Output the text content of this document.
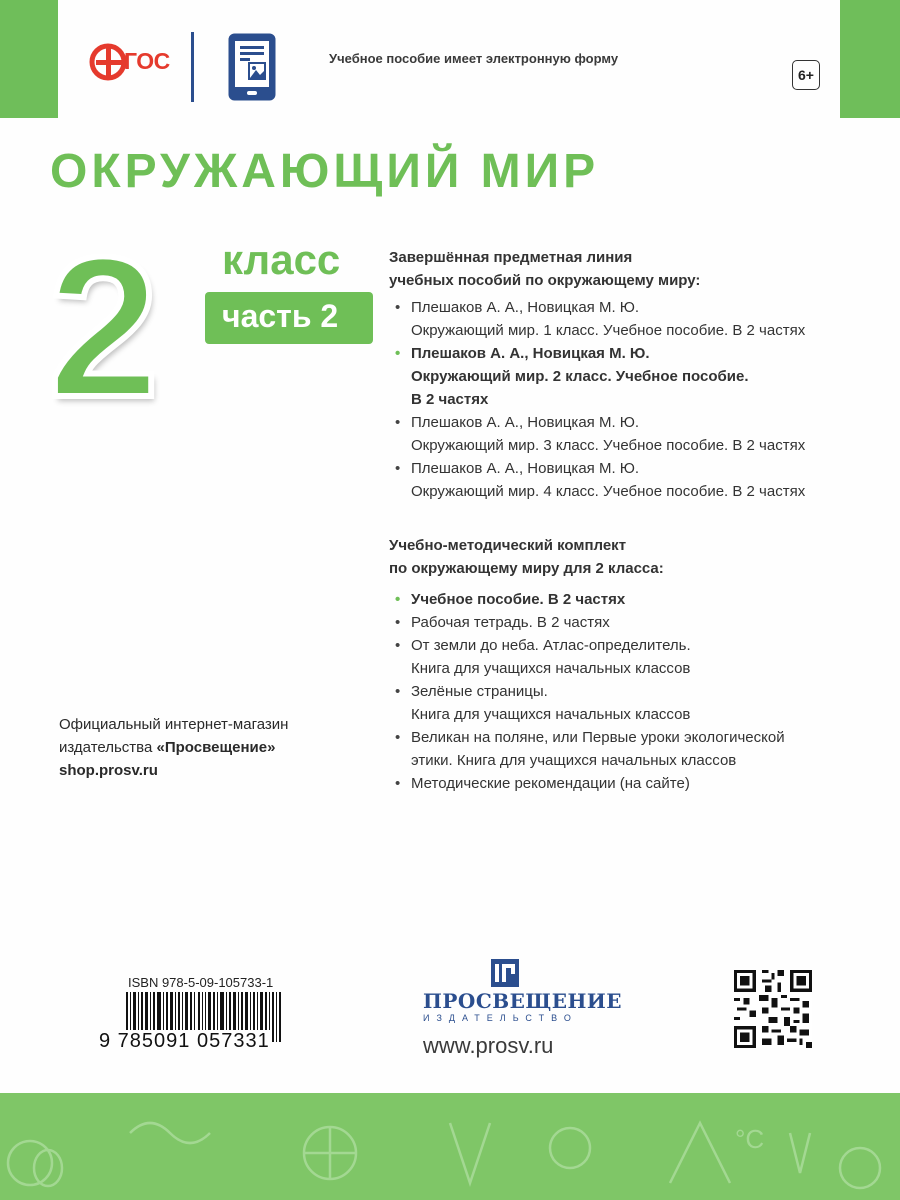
ГОС	Учебное пособие имеет электронную форму
6+
ОКРУЖАЮЩИЙ МИР
2 класс
часть 2
Завершённая предметная линия
учебных пособий по окружающему миру:
• Плешаков А. А., Новицкая М. Ю.
Окружающий мир. 1 класс. Учебное пособие. В 2 частях
• Плешаков А. А., Новицкая М. Ю.
Окружающий мир. 2 класс. Учебное пособие.
В 2 частях
• Плешаков А. А., Новицкая М. Ю.
Окружающий мир. 3 класс. Учебное пособие. В 2 частях
• Плешаков А. А., Новицкая М. Ю.
Окружающий мир. 4 класс. Учебное пособие. В 2 частях
Учебно-методический комплект
по окружающему миру для 2 класса:
• Учебное пособие. В 2 частях
• Рабочая тетрадь. В 2 частях
• От земли до неба. Атлас-определитель.
Книга для учащихся начальных классов
• Зелёные страницы.
Книга для учащихся начальных классов
• Великан на поляне, или Первые уроки экологической
этики. Книга для учащихся начальных классов
• Методические рекомендации (на сайте)
Официальный интернет-магазин
издательства «Просвещение»
shop.prosv.ru
ISBN 978-5-09-105733-1
9 785091 057331
ПРОСВЕЩЕНИЕ
ИЗДАТЕЛЬСТВО
www.prosv.ru
°C
